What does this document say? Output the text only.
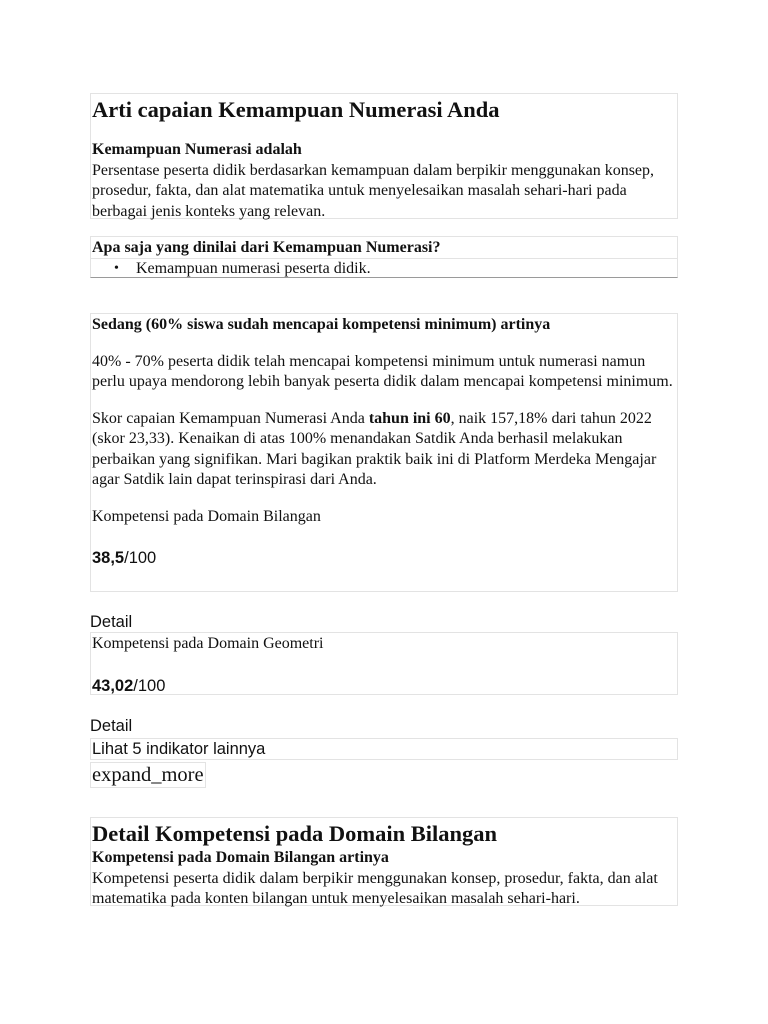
Arti capaian Kemampuan Numerasi Anda

Kemampuan Numerasi adalah

Persentase peserta didik berdasarkan kemampuan dalam berpikir menggunakan konsep, prosedur, fakta, dan alat matematika untuk menyelesaikan masalah sehari-hari pada berbagai jenis konteks yang relevan.

Apa saja yang dinilai dari Kemampuan Numerasi?

• Kemampuan numerasi peserta didik.

Sedang (60% siswa sudah mencapai kompetensi minimum) artinya

40% - 70% peserta didik telah mencapai kompetensi minimum untuk numerasi namun perlu upaya mendorong lebih banyak peserta didik dalam mencapai kompetensi minimum.

Skor capaian Kemampuan Numerasi Anda tahun ini 60, naik 157,18% dari tahun 2022 (skor 23,33). Kenaikan di atas 100% menandakan Satdik Anda berhasil melakukan perbaikan yang signifikan. Mari bagikan praktik baik ini di Platform Merdeka Mengajar agar Satdik lain dapat terinspirasi dari Anda.

Kompetensi pada Domain Bilangan

38,5/100

Detail

Kompetensi pada Domain Geometri

43,02/100

Detail
Lihat 5 indikator lainnya
expand_more

Detail Kompetensi pada Domain Bilangan

Kompetensi pada Domain Bilangan artinya

Kompetensi peserta didik dalam berpikir menggunakan konsep, prosedur, fakta, dan alat matematika pada konten bilangan untuk menyelesaikan masalah sehari-hari.
